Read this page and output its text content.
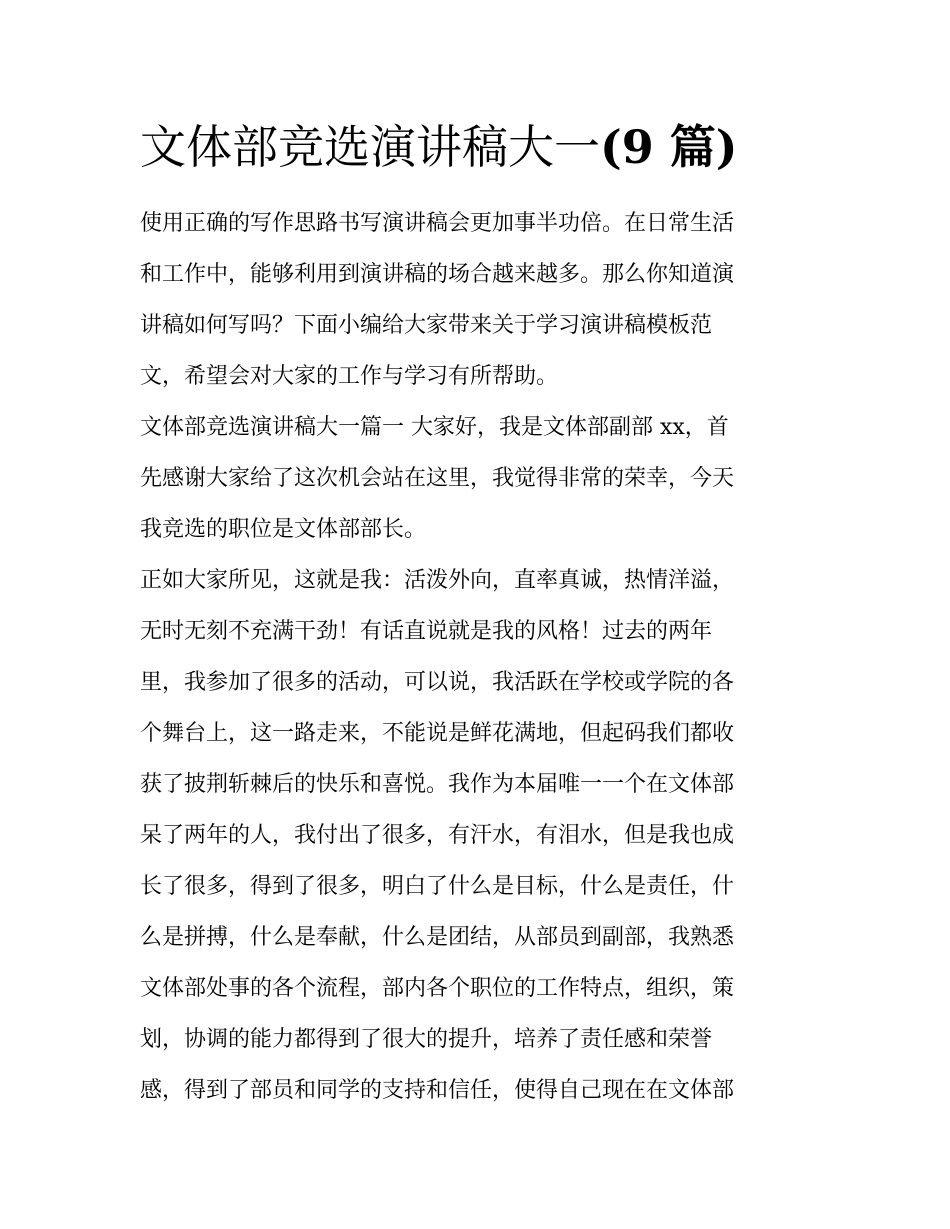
文体部竞选演讲稿大一(9 篇)
使用正确的写作思路书写演讲稿会更加事半功倍。在日常生活
和工作中，能够利用到演讲稿的场合越来越多。那么你知道演
讲稿如何写吗？下面小编给大家带来关于学习演讲稿模板范
文，希望会对大家的工作与学习有所帮助。
文体部竞选演讲稿大一篇一 大家好，我是文体部副部 xx，首
先感谢大家给了这次机会站在这里，我觉得非常的荣幸，今天
我竞选的职位是文体部部长。
正如大家所见，这就是我：活泼外向，直率真诚，热情洋溢，
无时无刻不充满干劲！有话直说就是我的风格！过去的两年
里，我参加了很多的活动，可以说，我活跃在学校或学院的各
个舞台上，这一路走来，不能说是鲜花满地，但起码我们都收
获了披荆斩棘后的快乐和喜悦。我作为本届唯一一个在文体部
呆了两年的人，我付出了很多，有汗水，有泪水，但是我也成
长了很多，得到了很多，明白了什么是目标，什么是责任，什
么是拼搏，什么是奉献，什么是团结，从部员到副部，我熟悉
文体部处事的各个流程，部内各个职位的工作特点，组织，策
划，协调的能力都得到了很大的提升，培养了责任感和荣誉
感，得到了部员和同学的支持和信任，使得自己现在在文体部
